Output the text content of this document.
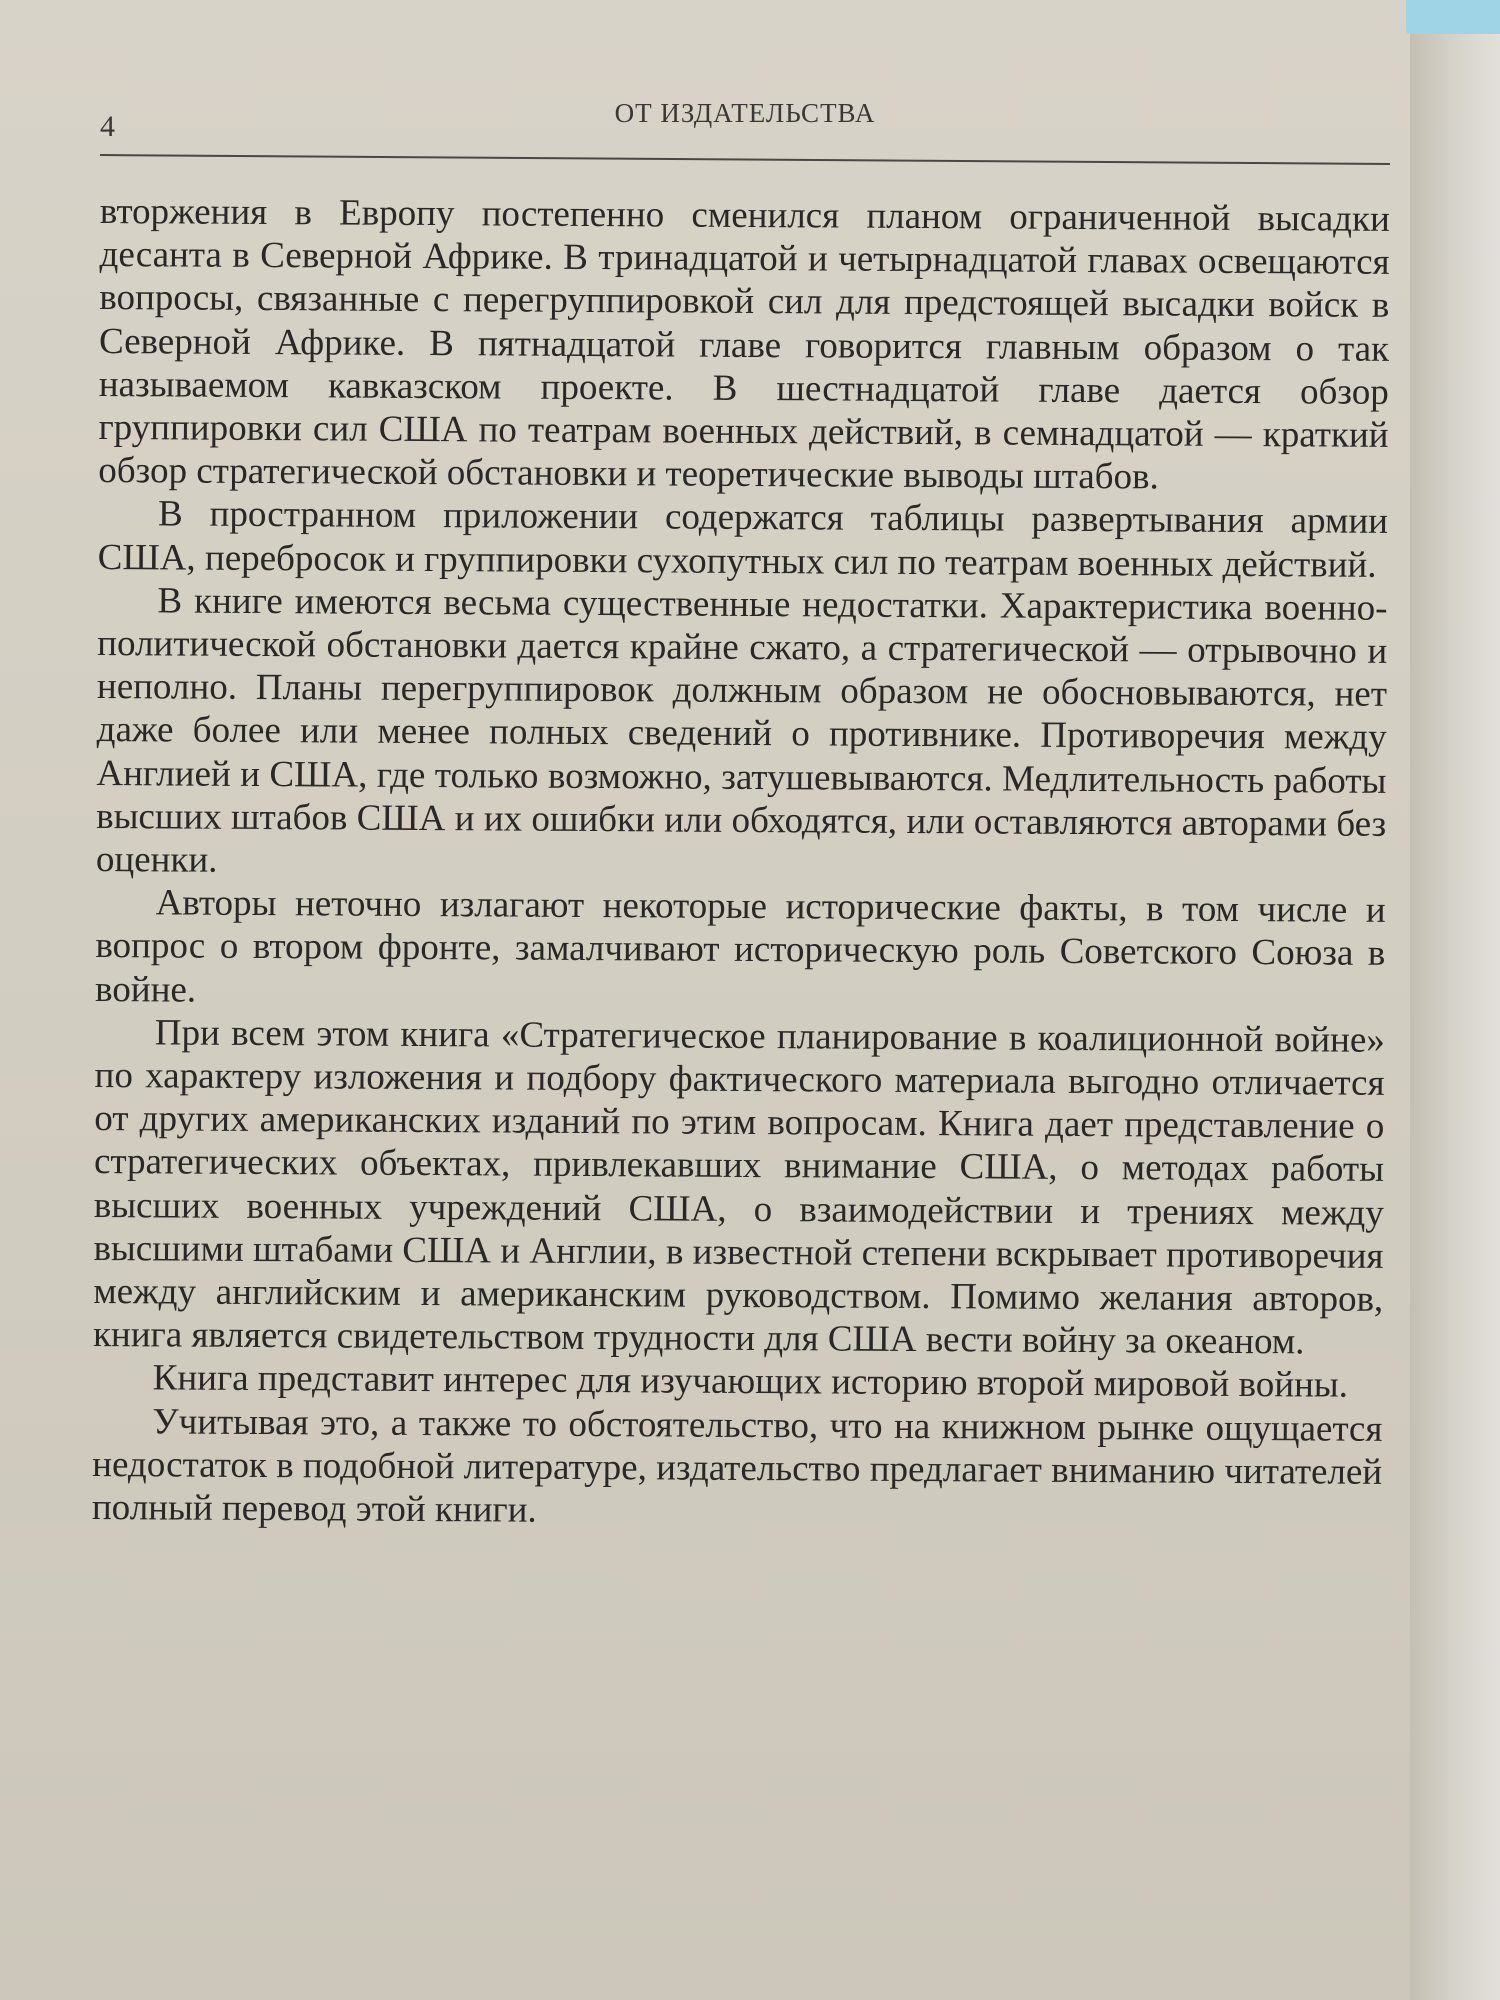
4	ОТ ИЗДАТЕЛЬСТВА

вторжения в Европу постепенно сменился планом ограниченной высадки десанта в Северной Африке. В тринадцатой и четырнадцатой главах освещаются вопросы, связанные с перегруппировкой сил для предстоящей высадки войск в Северной Африке. В пятнадцатой главе говорится главным образом о так называемом кавказском проекте. В шестнадцатой главе дается обзор группировки сил США по театрам военных действий, в семнадцатой — краткий обзор стратегической обстановки и теоретические выводы штабов.

В пространном приложении содержатся таблицы развертывания армии США, перебросок и группировки сухопутных сил по театрам военных действий.

В книге имеются весьма существенные недостатки. Характеристика военно-политической обстановки дается крайне сжато, а стратегической — отрывочно и неполно. Планы перегруппировок должным образом не обосновываются, нет даже более или менее полных сведений о противнике. Противоречия между Англией и США, где только возможно, затушевываются. Медлительность работы высших штабов США и их ошибки или обходятся, или оставляются авторами без оценки.

Авторы неточно излагают некоторые исторические факты, в том числе и вопрос о втором фронте, замалчивают историческую роль Советского Союза в войне.

При всем этом книга «Стратегическое планирование в коалиционной войне» по характеру изложения и подбору фактического материала выгодно отличается от других американских изданий по этим вопросам. Книга дает представление о стратегических объектах, привлекавших внимание США, о методах работы высших военных учреждений США, о взаимодействии и трениях между высшими штабами США и Англии, в известной степени вскрывает противоречия между английским и американским руководством. Помимо желания авторов, книга является свидетельством трудности для США вести войну за океаном.

Книга представит интерес для изучающих историю второй мировой войны.

Учитывая это, а также то обстоятельство, что на книжном рынке ощущается недостаток в подобной литературе, издательство предлагает вниманию читателей полный перевод этой книги.
